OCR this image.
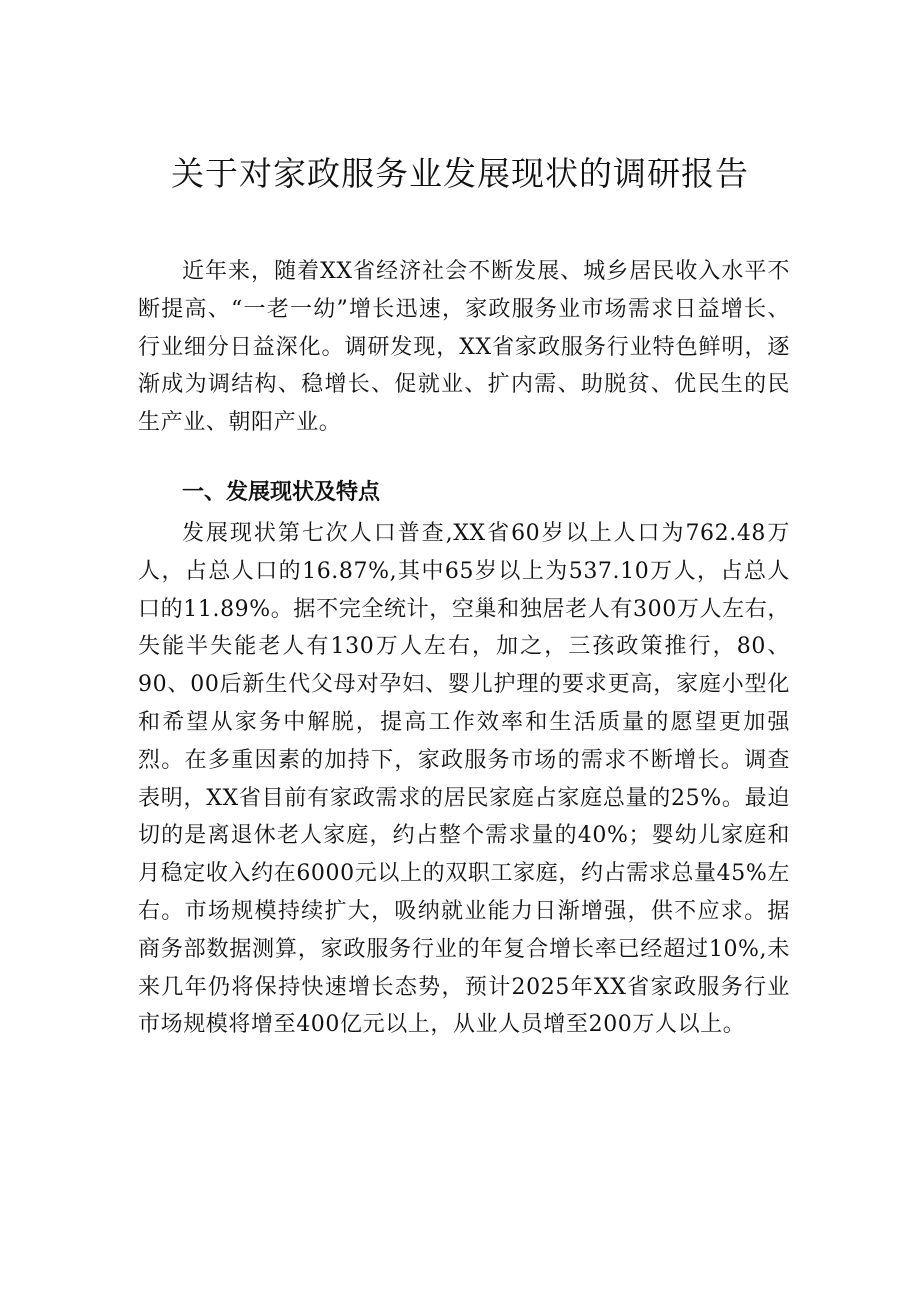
关于对家政服务业发展现状的调研报告

近年来，随着XX省经济社会不断发展、城乡居民收入水平不断提高、“一老一幼”增长迅速，家政服务业市场需求日益增长、行业细分日益深化。调研发现，XX省家政服务行业特色鲜明，逐渐成为调结构、稳增长、促就业、扩内需、助脱贫、优民生的民生产业、朝阳产业。

一、发展现状及特点

发展现状第七次人口普查,XX省60岁以上人口为762.48万人，占总人口的16.87%,其中65岁以上为537.10万人，占总人口的11.89%。据不完全统计，空巢和独居老人有300万人左右，失能半失能老人有130万人左右，加之，三孩政策推行，80、90、00后新生代父母对孕妇、婴儿护理的要求更高，家庭小型化和希望从家务中解脱，提高工作效率和生活质量的愿望更加强烈。在多重因素的加持下，家政服务市场的需求不断增长。调查表明，XX省目前有家政需求的居民家庭占家庭总量的25%。最迫切的是离退休老人家庭，约占整个需求量的40%；婴幼儿家庭和月稳定收入约在6000元以上的双职工家庭，约占需求总量45%左右。市场规模持续扩大，吸纳就业能力日渐增强，供不应求。据商务部数据测算，家政服务行业的年复合增长率已经超过10%,未来几年仍将保持快速增长态势，预计2025年XX省家政服务行业市场规模将增至400亿元以上，从业人员增至200万人以上。
